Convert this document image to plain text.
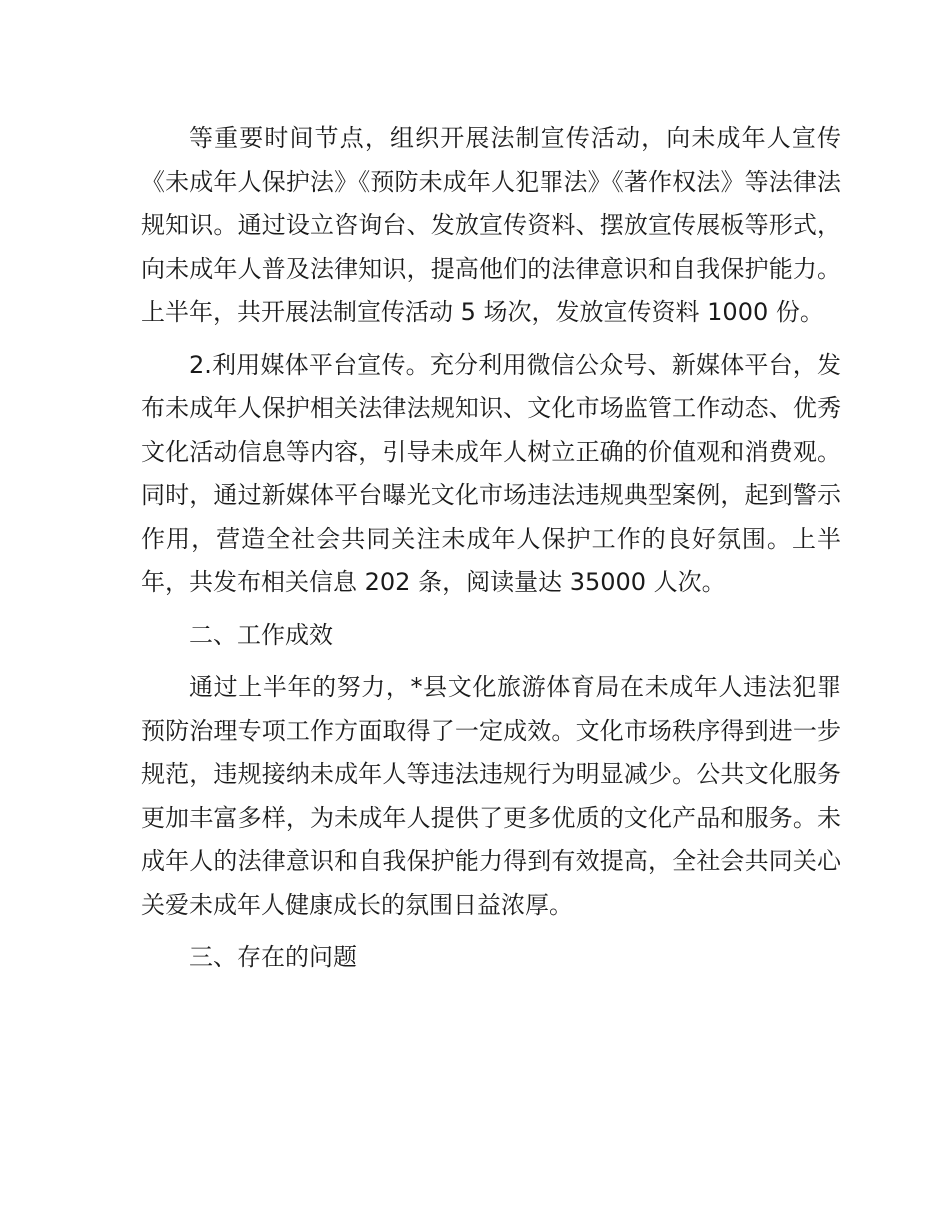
等重要时间节点，组织开展法制宣传活动，向未成年人宣传《未成年人保护法》《预防未成年人犯罪法》《著作权法》等法律法规知识。通过设立咨询台、发放宣传资料、摆放宣传展板等形式，向未成年人普及法律知识，提高他们的法律意识和自我保护能力。上半年，共开展法制宣传活动 5 场次，发放宣传资料 1000 份。

2.利用媒体平台宣传。充分利用微信公众号、新媒体平台，发布未成年人保护相关法律法规知识、文化市场监管工作动态、优秀文化活动信息等内容，引导未成年人树立正确的价值观和消费观。同时，通过新媒体平台曝光文化市场违法违规典型案例，起到警示作用，营造全社会共同关注未成年人保护工作的良好氛围。上半年，共发布相关信息 202 条，阅读量达 35000 人次。

二、工作成效

通过上半年的努力，*县文化旅游体育局在未成年人违法犯罪预防治理专项工作方面取得了一定成效。文化市场秩序得到进一步规范，违规接纳未成年人等违法违规行为明显减少。公共文化服务更加丰富多样，为未成年人提供了更多优质的文化产品和服务。未成年人的法律意识和自我保护能力得到有效提高，全社会共同关心关爱未成年人健康成长的氛围日益浓厚。

三、存在的问题
